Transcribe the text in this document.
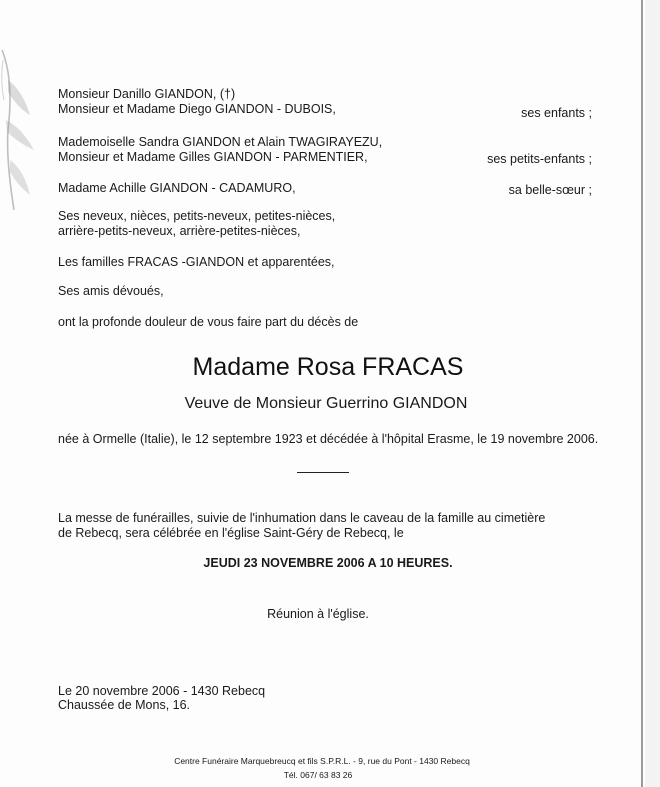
Monsieur Danillo GIANDON, (†)
Monsieur et Madame Diego GIANDON - DUBOIS,	ses enfants ;
Mademoiselle Sandra GIANDON et Alain TWAGIRAYEZU,
Monsieur et Madame Gilles GIANDON - PARMENTIER,	ses petits-enfants ;
Madame Achille GIANDON - CADAMURO,	sa belle-sœur ;
Ses neveux, nièces, petits-neveux, petites-nièces,
arrière-petits-neveux, arrière-petites-nièces,
Les familles FRACAS -GIANDON et apparentées,
Ses amis dévoués,
ont la profonde douleur de vous faire part du décès de
Madame Rosa FRACAS
Veuve de Monsieur Guerrino GIANDON
née à Ormelle (Italie), le 12 septembre 1923 et décédée à l'hôpital Erasme, le 19 novembre 2006.
La messe de funérailles, suivie de l'inhumation dans le caveau de la famille au cimetière
de Rebecq, sera célébrée en l'église Saint-Géry de Rebecq, le
JEUDI 23 NOVEMBRE 2006 A 10 HEURES.
Réunion à l'église.
Le 20 novembre 2006 - 1430 Rebecq
Chaussée de Mons, 16.
Centre Funéraire Marquebreucq et fils S.P.R.L. - 9, rue du Pont - 1430 Rebecq
Tél. 067/ 63 83 26
